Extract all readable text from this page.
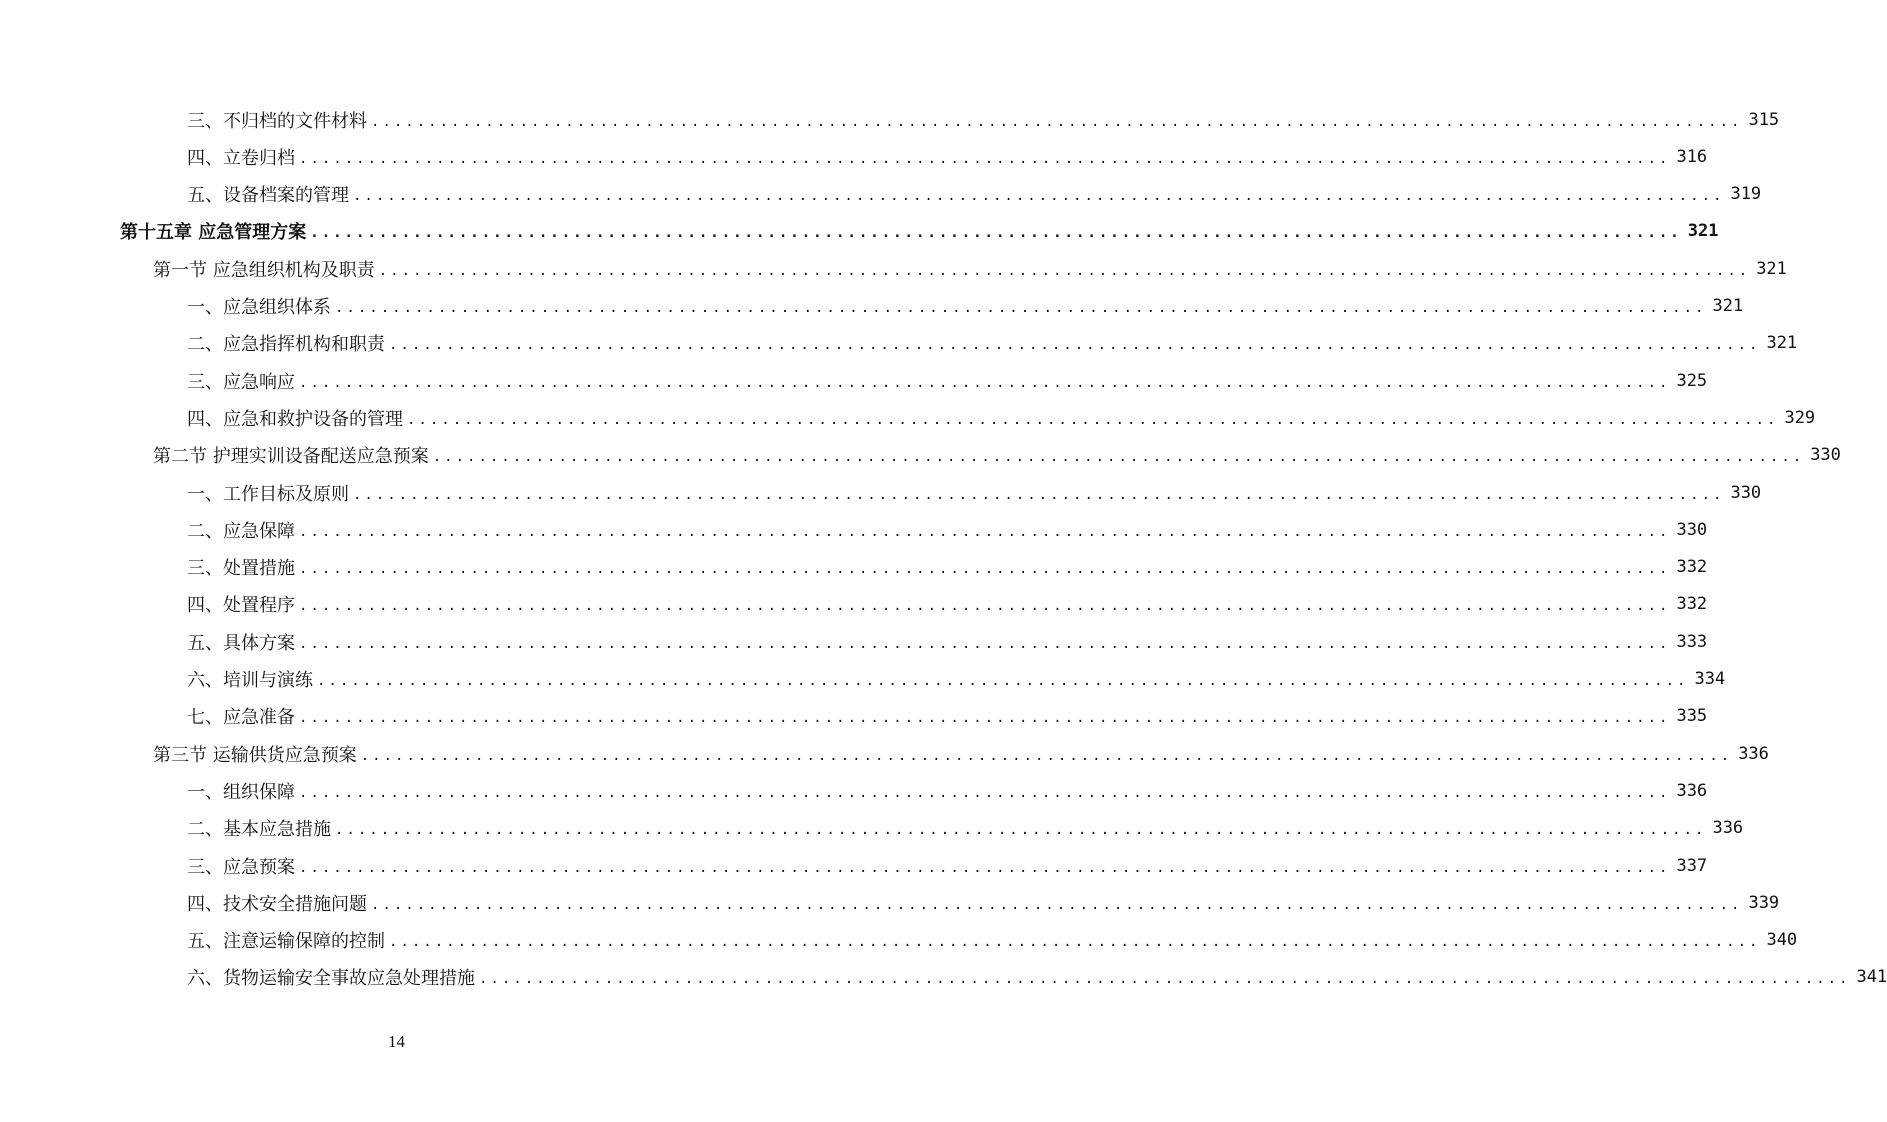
三、不归档的文件材料 ........................................................................................................................ 315
四、立卷归档 ........................................................................................................................ 316
五、设备档案的管理 ........................................................................................................................ 319
第十五章 应急管理方案 ........................................................................................................................ 321
第一节 应急组织机构及职责 ........................................................................................................................ 321
一、应急组织体系 ........................................................................................................................ 321
二、应急指挥机构和职责 ........................................................................................................................ 321
三、应急响应 ........................................................................................................................ 325
四、应急和救护设备的管理 ........................................................................................................................ 329
第二节 护理实训设备配送应急预案 ........................................................................................................................ 330
一、工作目标及原则 ........................................................................................................................ 330
二、应急保障 ........................................................................................................................ 330
三、处置措施 ........................................................................................................................ 332
四、处置程序 ........................................................................................................................ 332
五、具体方案 ........................................................................................................................ 333
六、培训与演练 ........................................................................................................................ 334
七、应急准备 ........................................................................................................................ 335
第三节 运输供货应急预案 ........................................................................................................................ 336
一、组织保障 ........................................................................................................................ 336
二、基本应急措施 ........................................................................................................................ 336
三、应急预案 ........................................................................................................................ 337
四、技术安全措施问题 ........................................................................................................................ 339
五、注意运输保障的控制 ........................................................................................................................ 340
六、货物运输安全事故应急处理措施 ........................................................................................................................ 341
14
